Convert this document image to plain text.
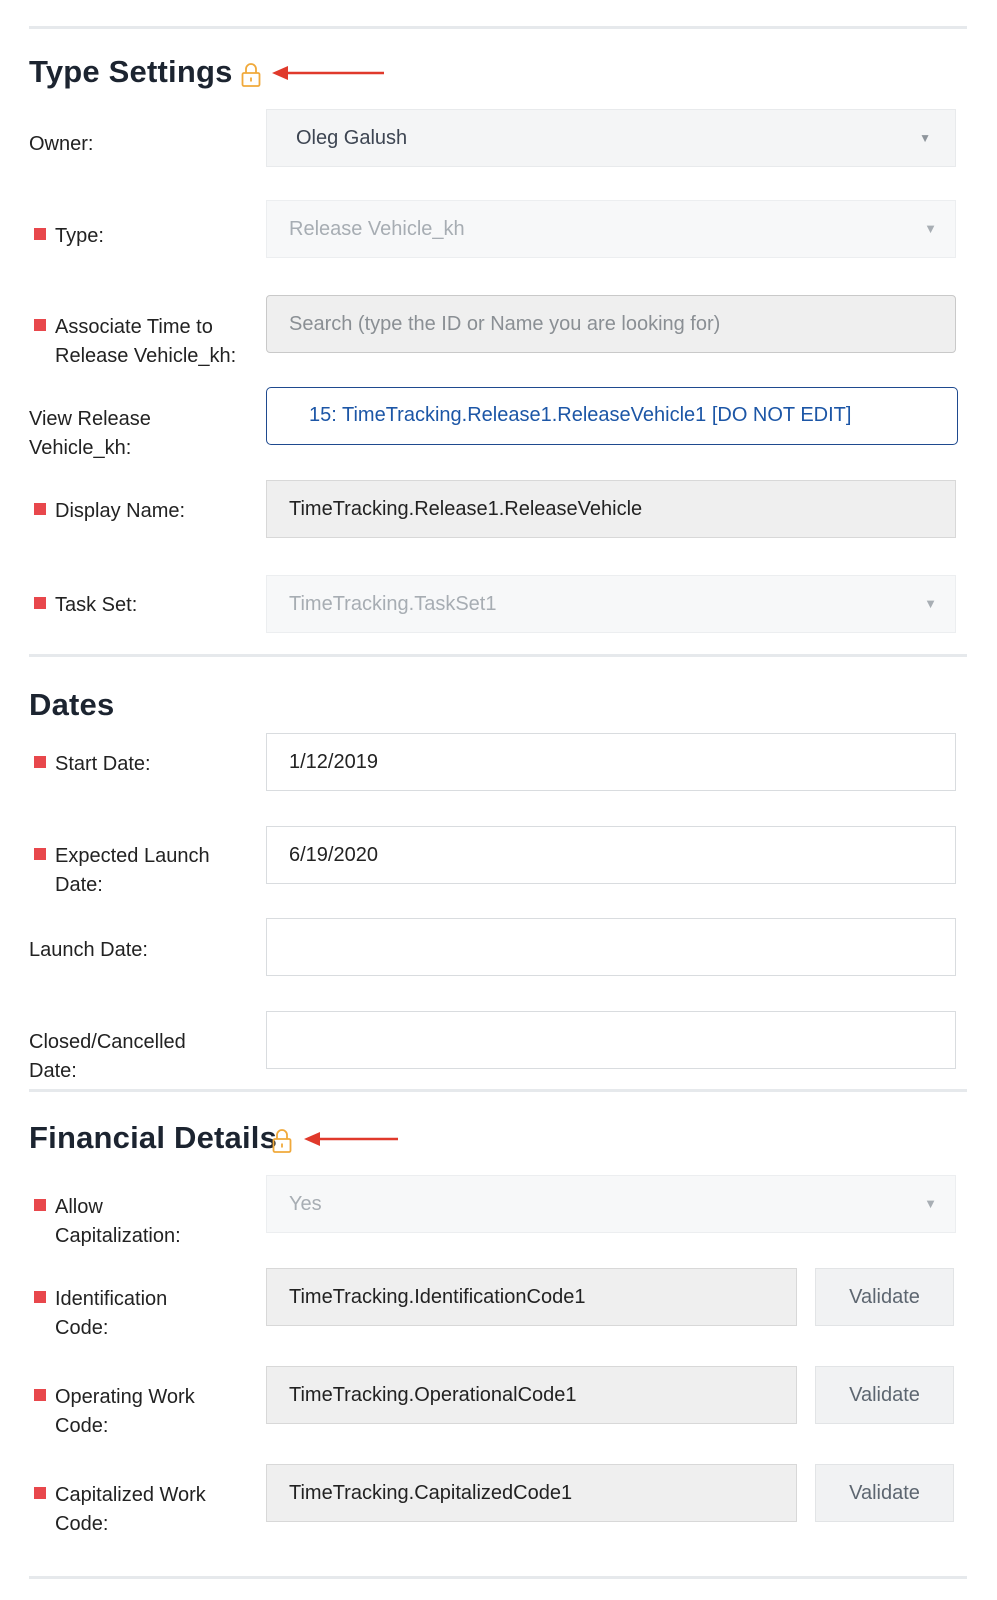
Type Settings
Owner:	Oleg Galush	▼
Type:	Release Vehicle_kh	▼
Associate Time to Release Vehicle_kh:
Search (type the ID or Name you are looking for)
View Release Vehicle_kh:
15: TimeTracking.Release1.ReleaseVehicle1 [DO NOT EDIT]
Display Name:	TimeTracking.Release1.ReleaseVehicle
Task Set:	TimeTracking.TaskSet1	▼
Dates
Start Date:	1/12/2019
Expected Launch Date:
6/19/2020
Launch Date:
Closed/Cancelled Date:
Financial Details
Allow Capitalization:
Yes	▼
Identification Code:
TimeTracking.IdentificationCode1	Validate
Operating Work Code:
TimeTracking.OperationalCode1	Validate
Capitalized Work Code:
TimeTracking.CapitalizedCode1	Validate
